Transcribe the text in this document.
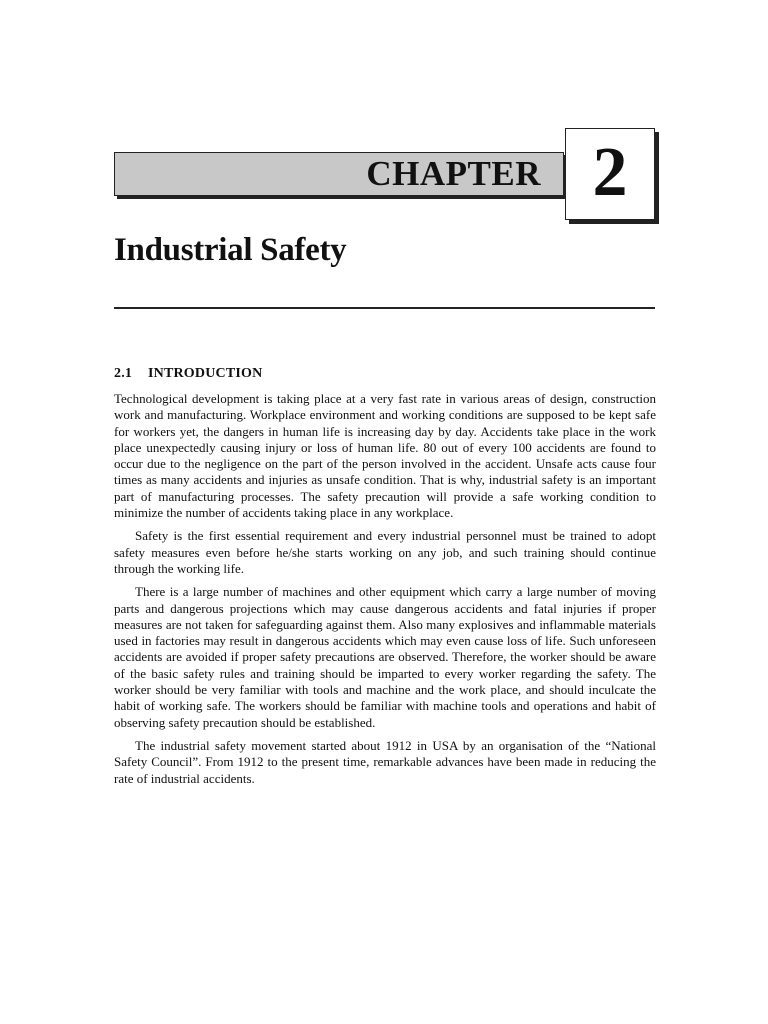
CHAPTER 2
Industrial Safety
2.1 INTRODUCTION

Technological development is taking place at a very fast rate in various areas of design, construction work and manufacturing. Workplace environment and working conditions are supposed to be kept safe for workers yet, the dangers in human life is increasing day by day. Accidents take place in the work place unexpectedly causing injury or loss of human life. 80 out of every 100 accidents are found to occur due to the negligence on the part of the person involved in the accident. Unsafe acts cause four times as many accidents and injuries as unsafe condition. That is why, industrial safety is an important part of manufacturing processes. The safety precaution will provide a safe working condition to minimize the number of accidents taking place in any workplace.

Safety is the first essential requirement and every industrial personnel must be trained to adopt safety measures even before he/she starts working on any job, and such training should continue through the working life.

There is a large number of machines and other equipment which carry a large number of moving parts and dangerous projections which may cause dangerous accidents and fatal injuries if proper measures are not taken for safeguarding against them. Also many explosives and inflammable materials used in factories may result in dangerous accidents which may even cause loss of life. Such unforeseen accidents are avoided if proper safety precautions are observed. Therefore, the worker should be aware of the basic safety rules and training should be imparted to every worker regarding the safety. The worker should be very familiar with tools and machine and the work place, and should inculcate the habit of working safe. The workers should be familiar with machine tools and operations and habit of observing safety precaution should be established.

The industrial safety movement started about 1912 in USA by an organisation of the “National Safety Council”. From 1912 to the present time, remarkable advances have been made in reducing the rate of industrial accidents.
